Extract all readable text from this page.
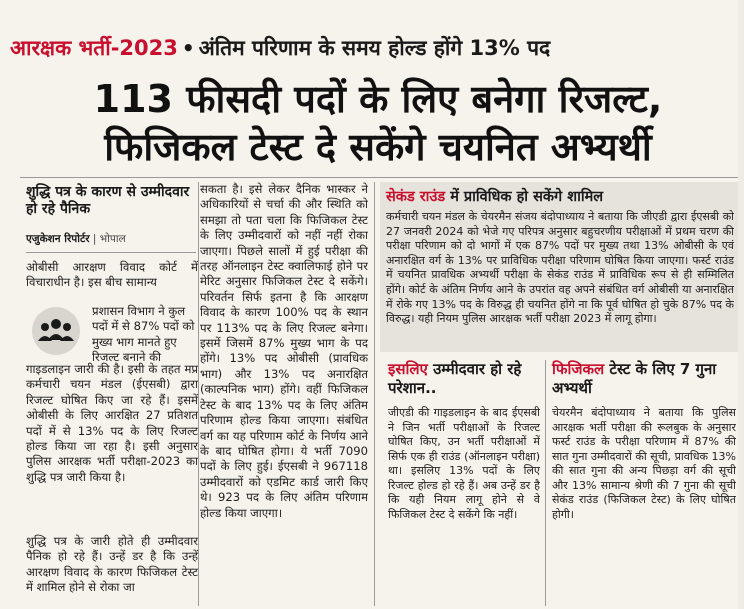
आरक्षक भर्ती-2023 • अंतिम परिणाम के समय होल्ड होंगे 13% पद
113 फीसदी पदों के लिए बनेगा रिजल्ट,
फिजिकल टेस्ट दे सकेंगे चयनित अभ्यर्थी
शुद्धि पत्र के कारण से उम्मीदवार हो रहे पैनिक
एजुकेशन रिपोर्टर | भोपाल
ओबीसी आरक्षण विवाद कोर्ट में विचाराधीन है। इस बीच सामान्य
प्रशासन विभाग ने कुल पदों में से 87% पदों को मुख्य भाग मानते हुए रिजल्ट बनाने की
गाइडलाइन जारी की है। इसी के तहत मप्र कर्मचारी चयन मंडल (ईएसबी) द्वारा रिजल्ट घोषित किए जा रहे हैं। इसमें ओबीसी के लिए आरक्षित 27 प्रतिशत पदों में से 13% पद के लिए रिजल्ट होल्ड किया जा रहा है। इसी अनुसार पुलिस आरक्षक भर्ती परीक्षा-2023 का शुद्धि पत्र जारी किया है।
शुद्धि पत्र के जारी होते ही उम्मीदवार पैनिक हो रहे हैं। उन्हें डर है कि उन्हें आरक्षण विवाद के कारण फिजिकल टेस्ट में शामिल होने से रोका जा
सकता है। इसे लेकर दैनिक भास्कर ने अधिकारियों से चर्चा की और स्थिति को समझा तो पता चला कि फिजिकल टेस्ट के लिए उम्मीदवारों को नहीं नहीं रोका जाएगा। पिछले सालों में हुई परीक्षा की तरह ऑनलाइन टेस्ट क्वालिफाई होने पर मेरिट अनुसार फिजिकल टेस्ट दे सकेंगे। परिवर्तन सिर्फ इतना है कि आरक्षण विवाद के कारण 100% पद के स्थान पर 113% पद के लिए रिजल्ट बनेगा। इसमें जिसमें 87% मुख्य भाग के पद होंगे। 13% पद ओबीसी (प्रावधिक भाग) और 13% पद अनारक्षित (काल्पनिक भाग) होंगे। वहीं फिजिकल टेस्ट के बाद 13% पद के लिए अंतिम परिणाम होल्ड किया जाएगा। संबंधित वर्ग का यह परिणाम कोर्ट के निर्णय आने के बाद घोषित होगा। ये भर्ती 7090 पदों के लिए हुई। ईएसबी ने 967118 उम्मीदवारों को एडमिट कार्ड जारी किए थे। 923 पद के लिए अंतिम परिणाम होल्ड किया जाएगा।
सेकंड राउंड में प्राविधिक हो सकेंगे शामिल
कर्मचारी चयन मंडल के चेयरमैन संजय बंदोपाध्याय ने बताया कि जीएडी द्वारा ईएसबी को 27 जनवरी 2024 को भेजे गए परिपत्र अनुसार बहुचरणीय परीक्षाओं में प्रथम चरण की परीक्षा परिणाम को दो भागों में एक 87% पदों पर मुख्य तथा 13% ओबीसी के एवं अनारक्षित वर्ग के 13% पर प्राविधिक परीक्षा परिणाम घोषित किया जाएगा। फर्स्ट राउंड में चयनित प्रावधिक अभ्यर्थी परीक्षा के सेकंड राउंड में प्राविधिक रूप से ही सम्मिलित होंगे। कोर्ट के अंतिम निर्णय आने के उपरांत वह अपने संबंधित वर्ग ओबीसी या अनारक्षित में रोके गए 13% पद के विरुद्ध ही चयनित होंगे ना कि पूर्व घोषित हो चुके 87% पद के विरुद्ध। यही नियम पुलिस आरक्षक भर्ती परीक्षा 2023 में लागू होगा।
इसलिए उम्मीदवार हो रहे परेशान..
जीएडी की गाइडलाइन के बाद ईएसबी ने जिन भर्ती परीक्षाओं के रिजल्ट घोषित किए, उन भर्ती परीक्षाओं में सिर्फ एक ही राउंड (ऑनलाइन परीक्षा) था। इसलिए 13% पदों के लिए रिजल्ट होल्ड हो रहे हैं। अब उन्हें डर है कि यही नियम लागू होने से वे फिजिकल टेस्ट दे सकेंगे कि नहीं।
फिजिकल टेस्ट के लिए 7 गुना अभ्यर्थी
चेयरमैन बंदोपाध्याय ने बताया कि पुलिस आरक्षक भर्ती परीक्षा की रूलबुक के अनुसार फर्स्ट राउंड के परीक्षा परिणाम में 87% की सात गुना उम्मीदवारों की सूची, प्रावधिक 13% की सात गुना की अन्य पिछड़ा वर्ग की सूची और 13% सामान्य श्रेणी की 7 गुना की सूची सेकंड राउंड (फिजिकल टेस्ट) के लिए घोषित होगी।
